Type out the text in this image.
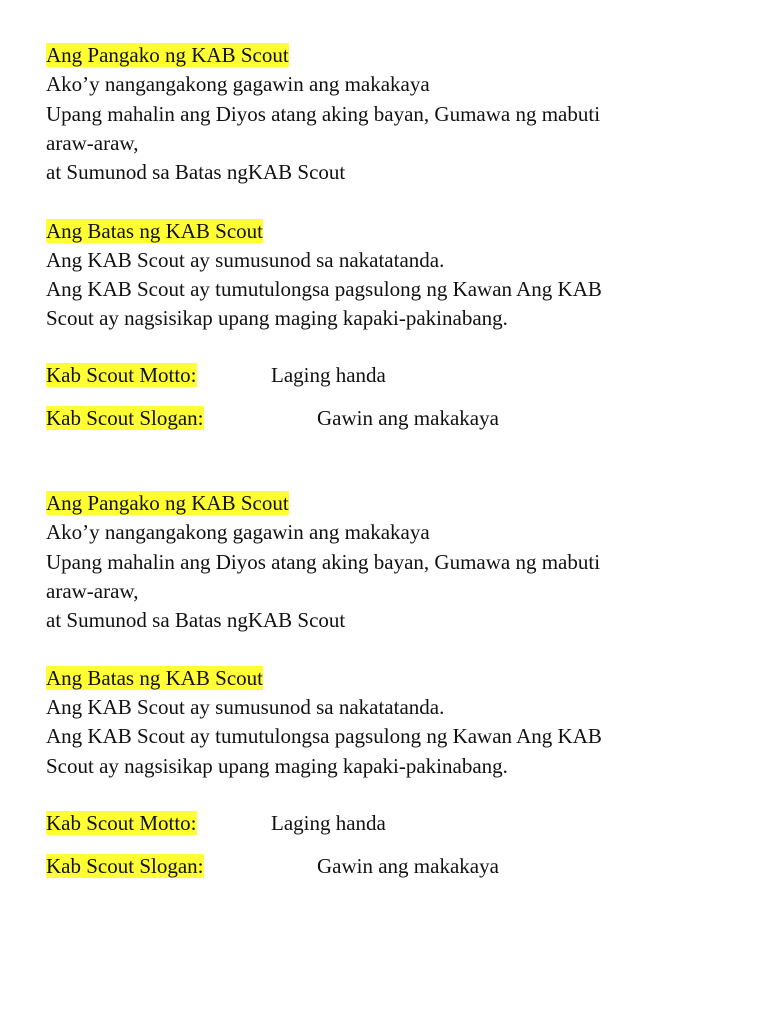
Ang Pangako ng KAB Scout
Ako’y nangangakong gagawin ang makakaya
Upang mahalin ang Diyos atang aking bayan, Gumawa ng mabuti
araw-araw,
at Sumunod sa Batas ngKAB Scout
Ang Batas ng KAB Scout
Ang KAB Scout ay sumusunod sa nakatatanda.
Ang KAB Scout ay tumutulongsa pagsulong ng Kawan Ang KAB
Scout ay nagsisikap upang maging kapaki-pakinabang.
Kab Scout Motto:	Laging handa
Kab Scout Slogan:	Gawin ang makakaya
Ang Pangako ng KAB Scout
Ako’y nangangakong gagawin ang makakaya
Upang mahalin ang Diyos atang aking bayan, Gumawa ng mabuti
araw-araw,
at Sumunod sa Batas ngKAB Scout
Ang Batas ng KAB Scout
Ang KAB Scout ay sumusunod sa nakatatanda.
Ang KAB Scout ay tumutulongsa pagsulong ng Kawan Ang KAB
Scout ay nagsisikap upang maging kapaki-pakinabang.
Kab Scout Motto:	Laging handa
Kab Scout Slogan:	Gawin ang makakaya
